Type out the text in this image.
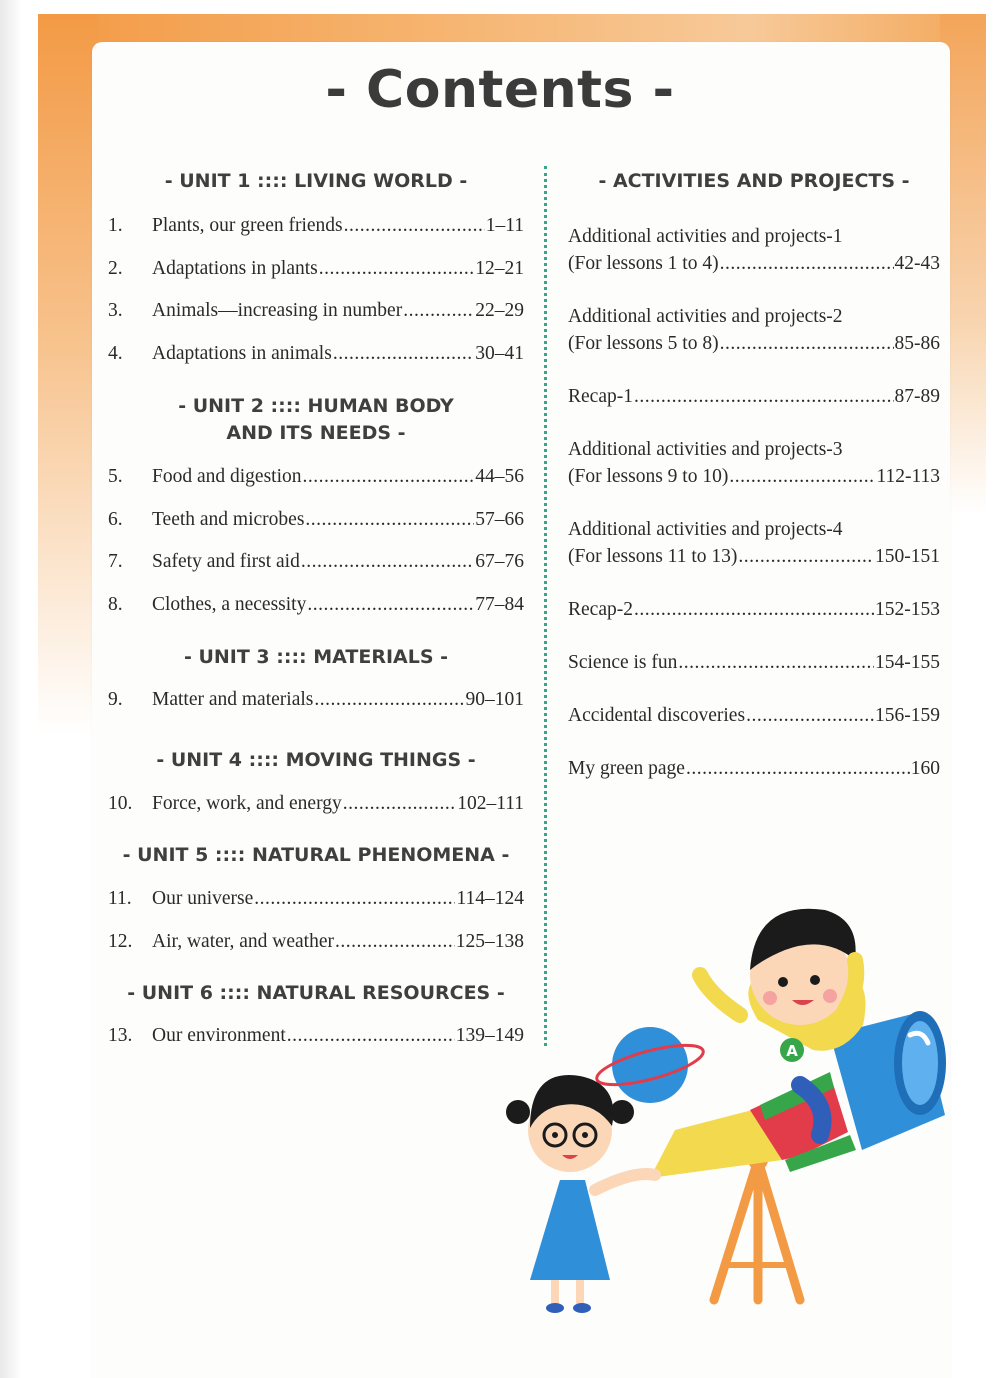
- Contents -
- UNIT 1 :::: LIVING WORLD -
1.	Plants, our green friends .....	1–11
2.	Adaptations in plants .....	12–21
3.	Animals—increasing in number .....	22–29
4.	Adaptations in animals .....	30–41
- UNIT 2 :::: HUMAN BODY
AND ITS NEEDS -
5.	Food and digestion .....	44–56
6.	Teeth and microbes .....	57–66
7.	Safety and first aid .....	67–76
8.	Clothes, a necessity .....	77–84
- UNIT 3 :::: MATERIALS -
9.	Matter and materials .....	90–101
- UNIT 4 :::: MOVING THINGS -
10.	Force, work, and energy .....	102–111
- UNIT 5 :::: NATURAL PHENOMENA -
11.	Our universe .....	114–124
12.	Air, water, and weather .....	125–138
- UNIT 6 :::: NATURAL RESOURCES -
13.	Our environment .....	139–149
- ACTIVITIES AND PROJECTS -
Additional activities and projects-1
(For lessons 1 to 4) .....	42-43
Additional activities and projects-2
(For lessons 5 to 8) .....	85-86
Recap-1 .....	87-89
Additional activities and projects-3
(For lessons 9 to 10) .....	112-113
Additional activities and projects-4
(For lessons 11 to 13) .....	150-151
Recap-2 .....	152-153
Science is fun .....	154-155
Accidental discoveries .....	156-159
My green page .....	160
A
